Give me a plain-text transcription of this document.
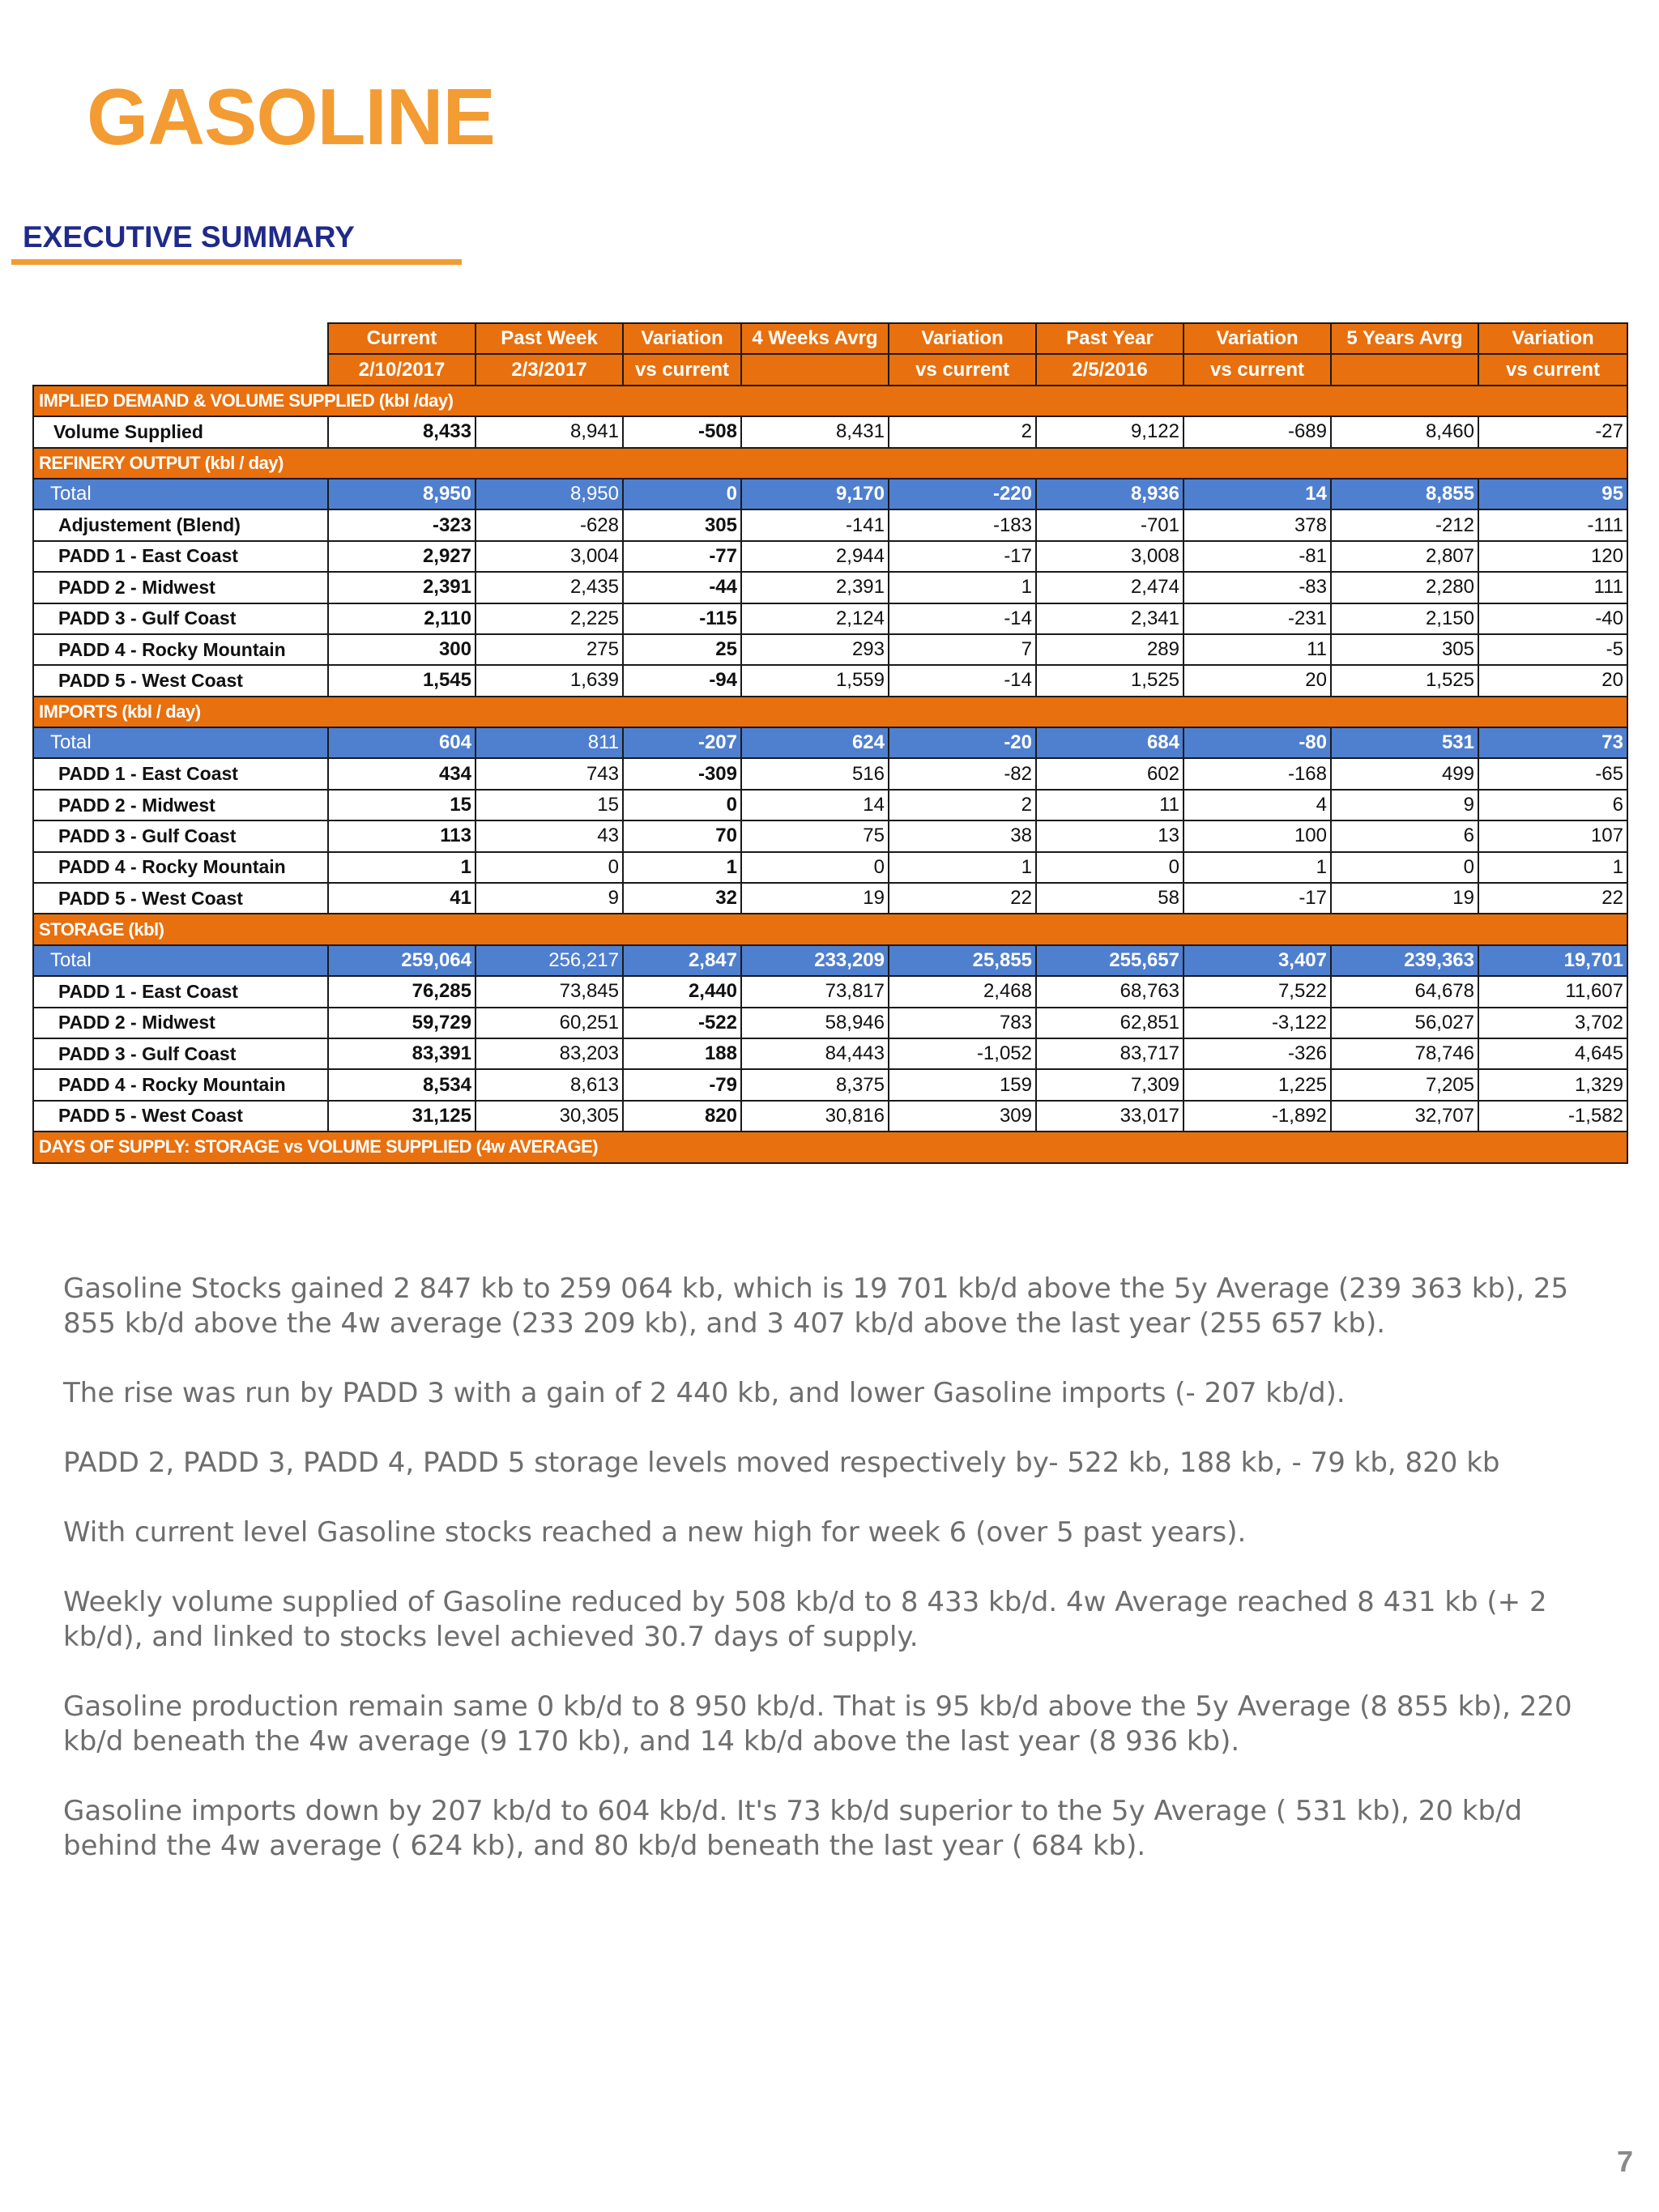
GASOLINE
EXECUTIVE SUMMARY
	Current	Past Week	Variation	4 Weeks Avrg	Variation	Past Year	Variation	5 Years Avrg	Variation
	2/10/2017	2/3/2017	vs current		vs current	2/5/2016	vs current		vs current
IMPLIED DEMAND & VOLUME SUPPLIED (kbl /day)									
Volume Supplied	8,433	8,941	-508	8,431	2	9,122	-689	8,460	-27
REFINERY OUTPUT (kbl / day)									
Total	8,950	8,950	0	9,170	-220	8,936	14	8,855	95
Adjustement (Blend)	-323	-628	305	-141	-183	-701	378	-212	-111
PADD 1 - East Coast	2,927	3,004	-77	2,944	-17	3,008	-81	2,807	120
PADD 2 - Midwest	2,391	2,435	-44	2,391	1	2,474	-83	2,280	111
PADD 3 - Gulf Coast	2,110	2,225	-115	2,124	-14	2,341	-231	2,150	-40
PADD 4 - Rocky Mountain	300	275	25	293	7	289	11	305	-5
PADD 5 - West Coast	1,545	1,639	-94	1,559	-14	1,525	20	1,525	20
IMPORTS (kbl / day)									
Total	604	811	-207	624	-20	684	-80	531	73
PADD 1 - East Coast	434	743	-309	516	-82	602	-168	499	-65
PADD 2 - Midwest	15	15	0	14	2	11	4	9	6
PADD 3 - Gulf Coast	113	43	70	75	38	13	100	6	107
PADD 4 - Rocky Mountain	1	0	1	0	1	0	1	0	1
PADD 5 - West Coast	41	9	32	19	22	58	-17	19	22
STORAGE (kbl)									
Total	259,064	256,217	2,847	233,209	25,855	255,657	3,407	239,363	19,701
PADD 1 - East Coast	76,285	73,845	2,440	73,817	2,468	68,763	7,522	64,678	11,607
PADD 2 - Midwest	59,729	60,251	-522	58,946	783	62,851	-3,122	56,027	3,702
PADD 3 - Gulf Coast	83,391	83,203	188	84,443	-1,052	83,717	-326	78,746	4,645
PADD 4 - Rocky Mountain	8,534	8,613	-79	8,375	159	7,309	1,225	7,205	1,329
PADD 5 - West Coast	31,125	30,305	820	30,816	309	33,017	-1,892	32,707	-1,582
DAYS OF SUPPLY: STORAGE vs VOLUME SUPPLIED (4w AVERAGE)									

Gasoline Stocks gained 2 847 kb to 259 064 kb, which is 19 701 kb/d above the 5y Average (239 363 kb), 25 855 kb/d above the 4w average (233 209 kb), and 3 407 kb/d above the last year (255 657 kb).

The rise was run by PADD 3 with a gain of 2 440 kb, and lower Gasoline imports (- 207 kb/d).

PADD 2, PADD 3, PADD 4, PADD 5 storage levels moved respectively by- 522 kb, 188 kb, - 79 kb, 820 kb

With current level Gasoline stocks reached a new high for week 6 (over 5 past years).

Weekly volume supplied of Gasoline reduced by 508 kb/d to 8 433 kb/d. 4w Average reached 8 431 kb (+ 2 kb/d), and linked to stocks level achieved 30.7 days of supply.

Gasoline production remain same 0 kb/d to 8 950 kb/d. That is 95 kb/d above the 5y Average (8 855 kb), 220 kb/d beneath the 4w average (9 170 kb), and 14 kb/d above the last year (8 936 kb).

Gasoline imports down by 207 kb/d to 604 kb/d. It's 73 kb/d superior to the 5y Average ( 531 kb), 20 kb/d behind the 4w average ( 624 kb), and 80 kb/d beneath the last year ( 684 kb).

7
